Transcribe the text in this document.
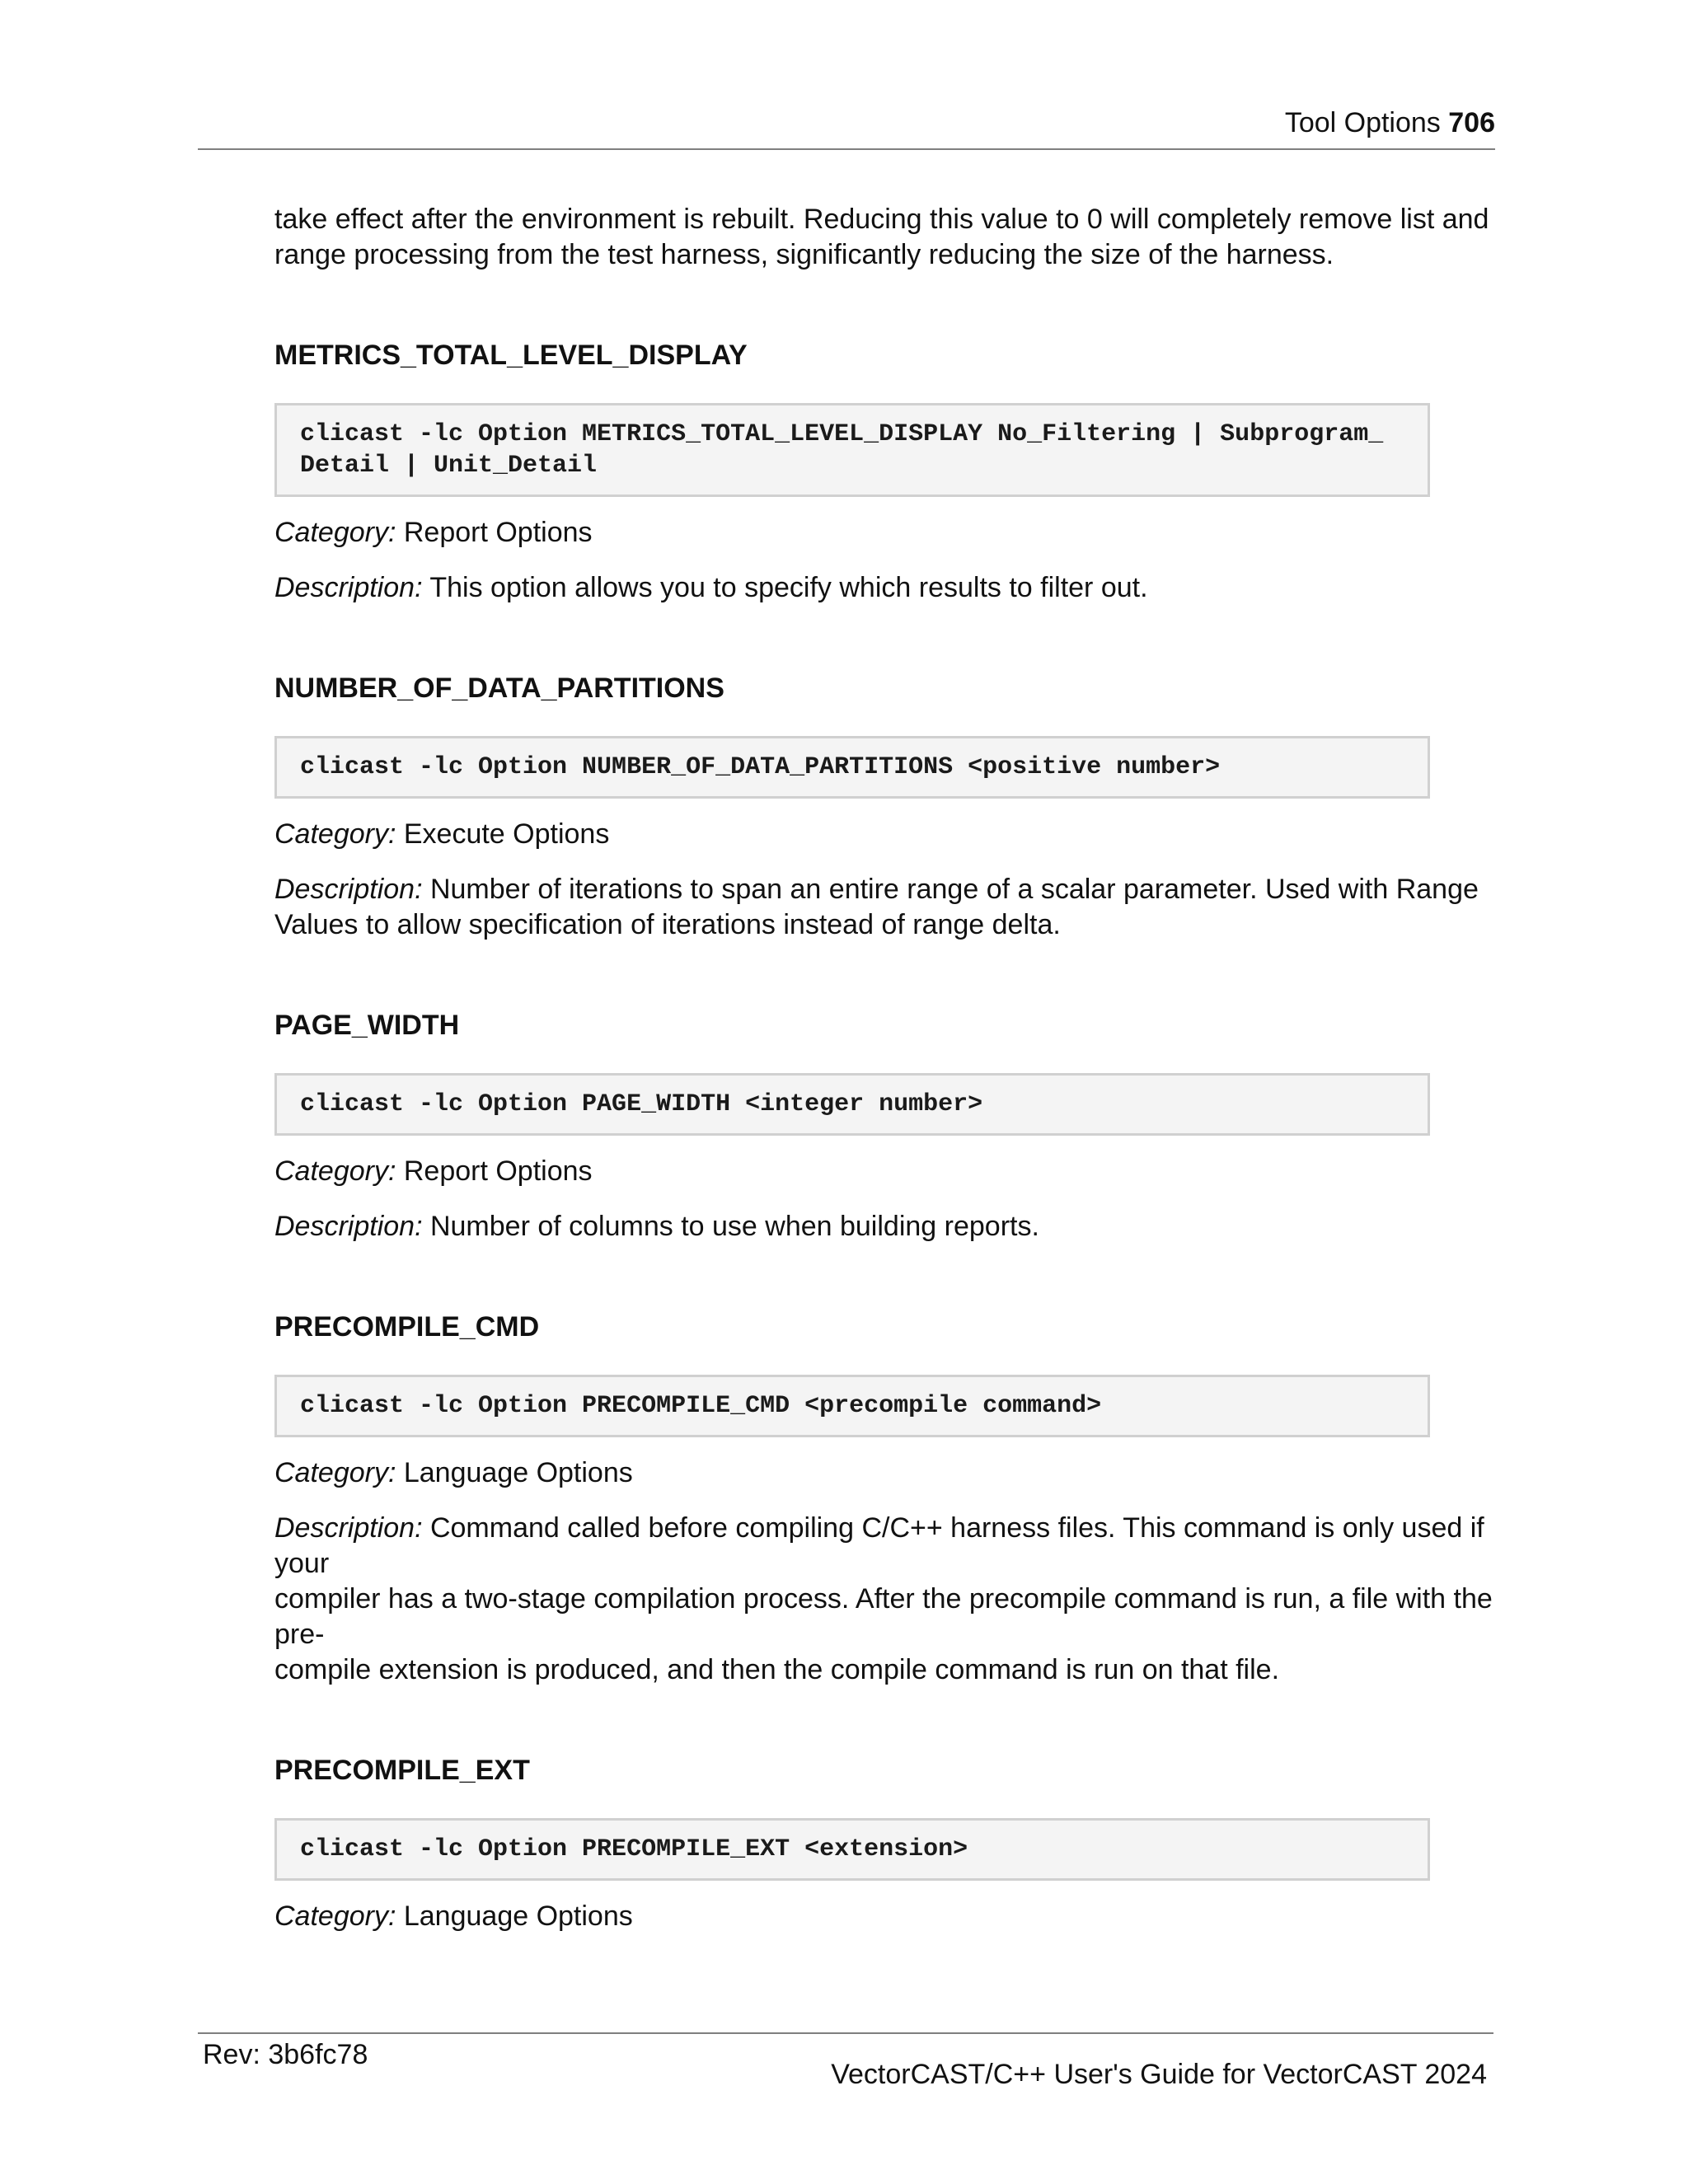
Tool Options 706

take effect after the environment is rebuilt. Reducing this value to 0 will completely remove list and
range processing from the test harness, significantly reducing the size of the harness.

METRICS_TOTAL_LEVEL_DISPLAY
clicast -lc Option METRICS_TOTAL_LEVEL_DISPLAY No_Filtering | Subprogram_
Detail | Unit_Detail

Category: Report Options

Description: This option allows you to specify which results to filter out.

NUMBER_OF_DATA_PARTITIONS
clicast -lc Option NUMBER_OF_DATA_PARTITIONS <positive number>

Category: Execute Options

Description: Number of iterations to span an entire range of a scalar parameter. Used with Range
Values to allow specification of iterations instead of range delta.

PAGE_WIDTH
clicast -lc Option PAGE_WIDTH <integer number>

Category: Report Options

Description: Number of columns to use when building reports.

PRECOMPILE_CMD
clicast -lc Option PRECOMPILE_CMD <precompile command>

Category: Language Options

Description: Command called before compiling C/C++ harness files. This command is only used if your
compiler has a two-stage compilation process. After the precompile command is run, a file with the pre-
compile extension is produced, and then the compile command is run on that file.

PRECOMPILE_EXT
clicast -lc Option PRECOMPILE_EXT <extension>

Category: Language Options

Rev: 3b6fc78
VectorCAST/C++ User's Guide for VectorCAST 2024
